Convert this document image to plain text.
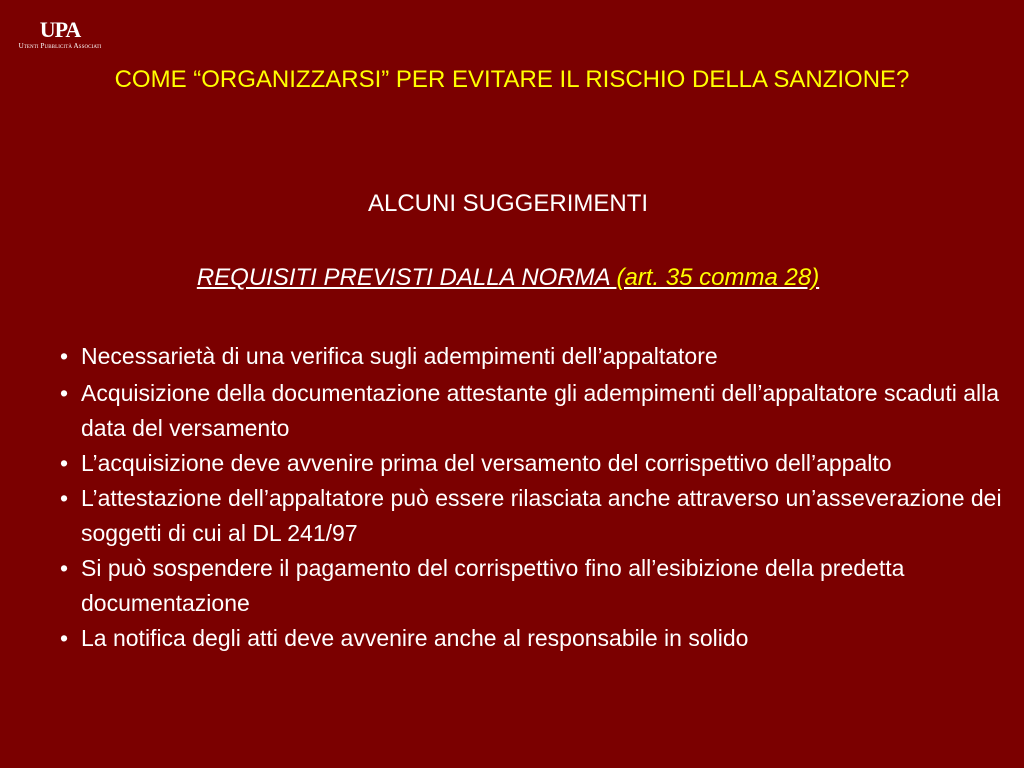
UPA
Utenti Pubblicità Associati
COME “ORGANIZZARSI” PER EVITARE IL RISCHIO DELLA SANZIONE?
ALCUNI SUGGERIMENTI
REQUISITI PREVISTI DALLA NORMA (art. 35 comma 28)
• Necessarietà di una verifica sugli adempimenti dell’appaltatore
• Acquisizione della documentazione attestante gli adempimenti dell’appaltatore scaduti alla data del versamento
• L’acquisizione deve avvenire prima del versamento del corrispettivo dell’appalto
• L’attestazione dell’appaltatore può essere rilasciata anche attraverso un’asseverazione dei soggetti di cui al DL 241/97
• Si può sospendere il pagamento del corrispettivo fino all’esibizione della predetta documentazione
• La notifica degli atti deve avvenire anche al responsabile in solido
